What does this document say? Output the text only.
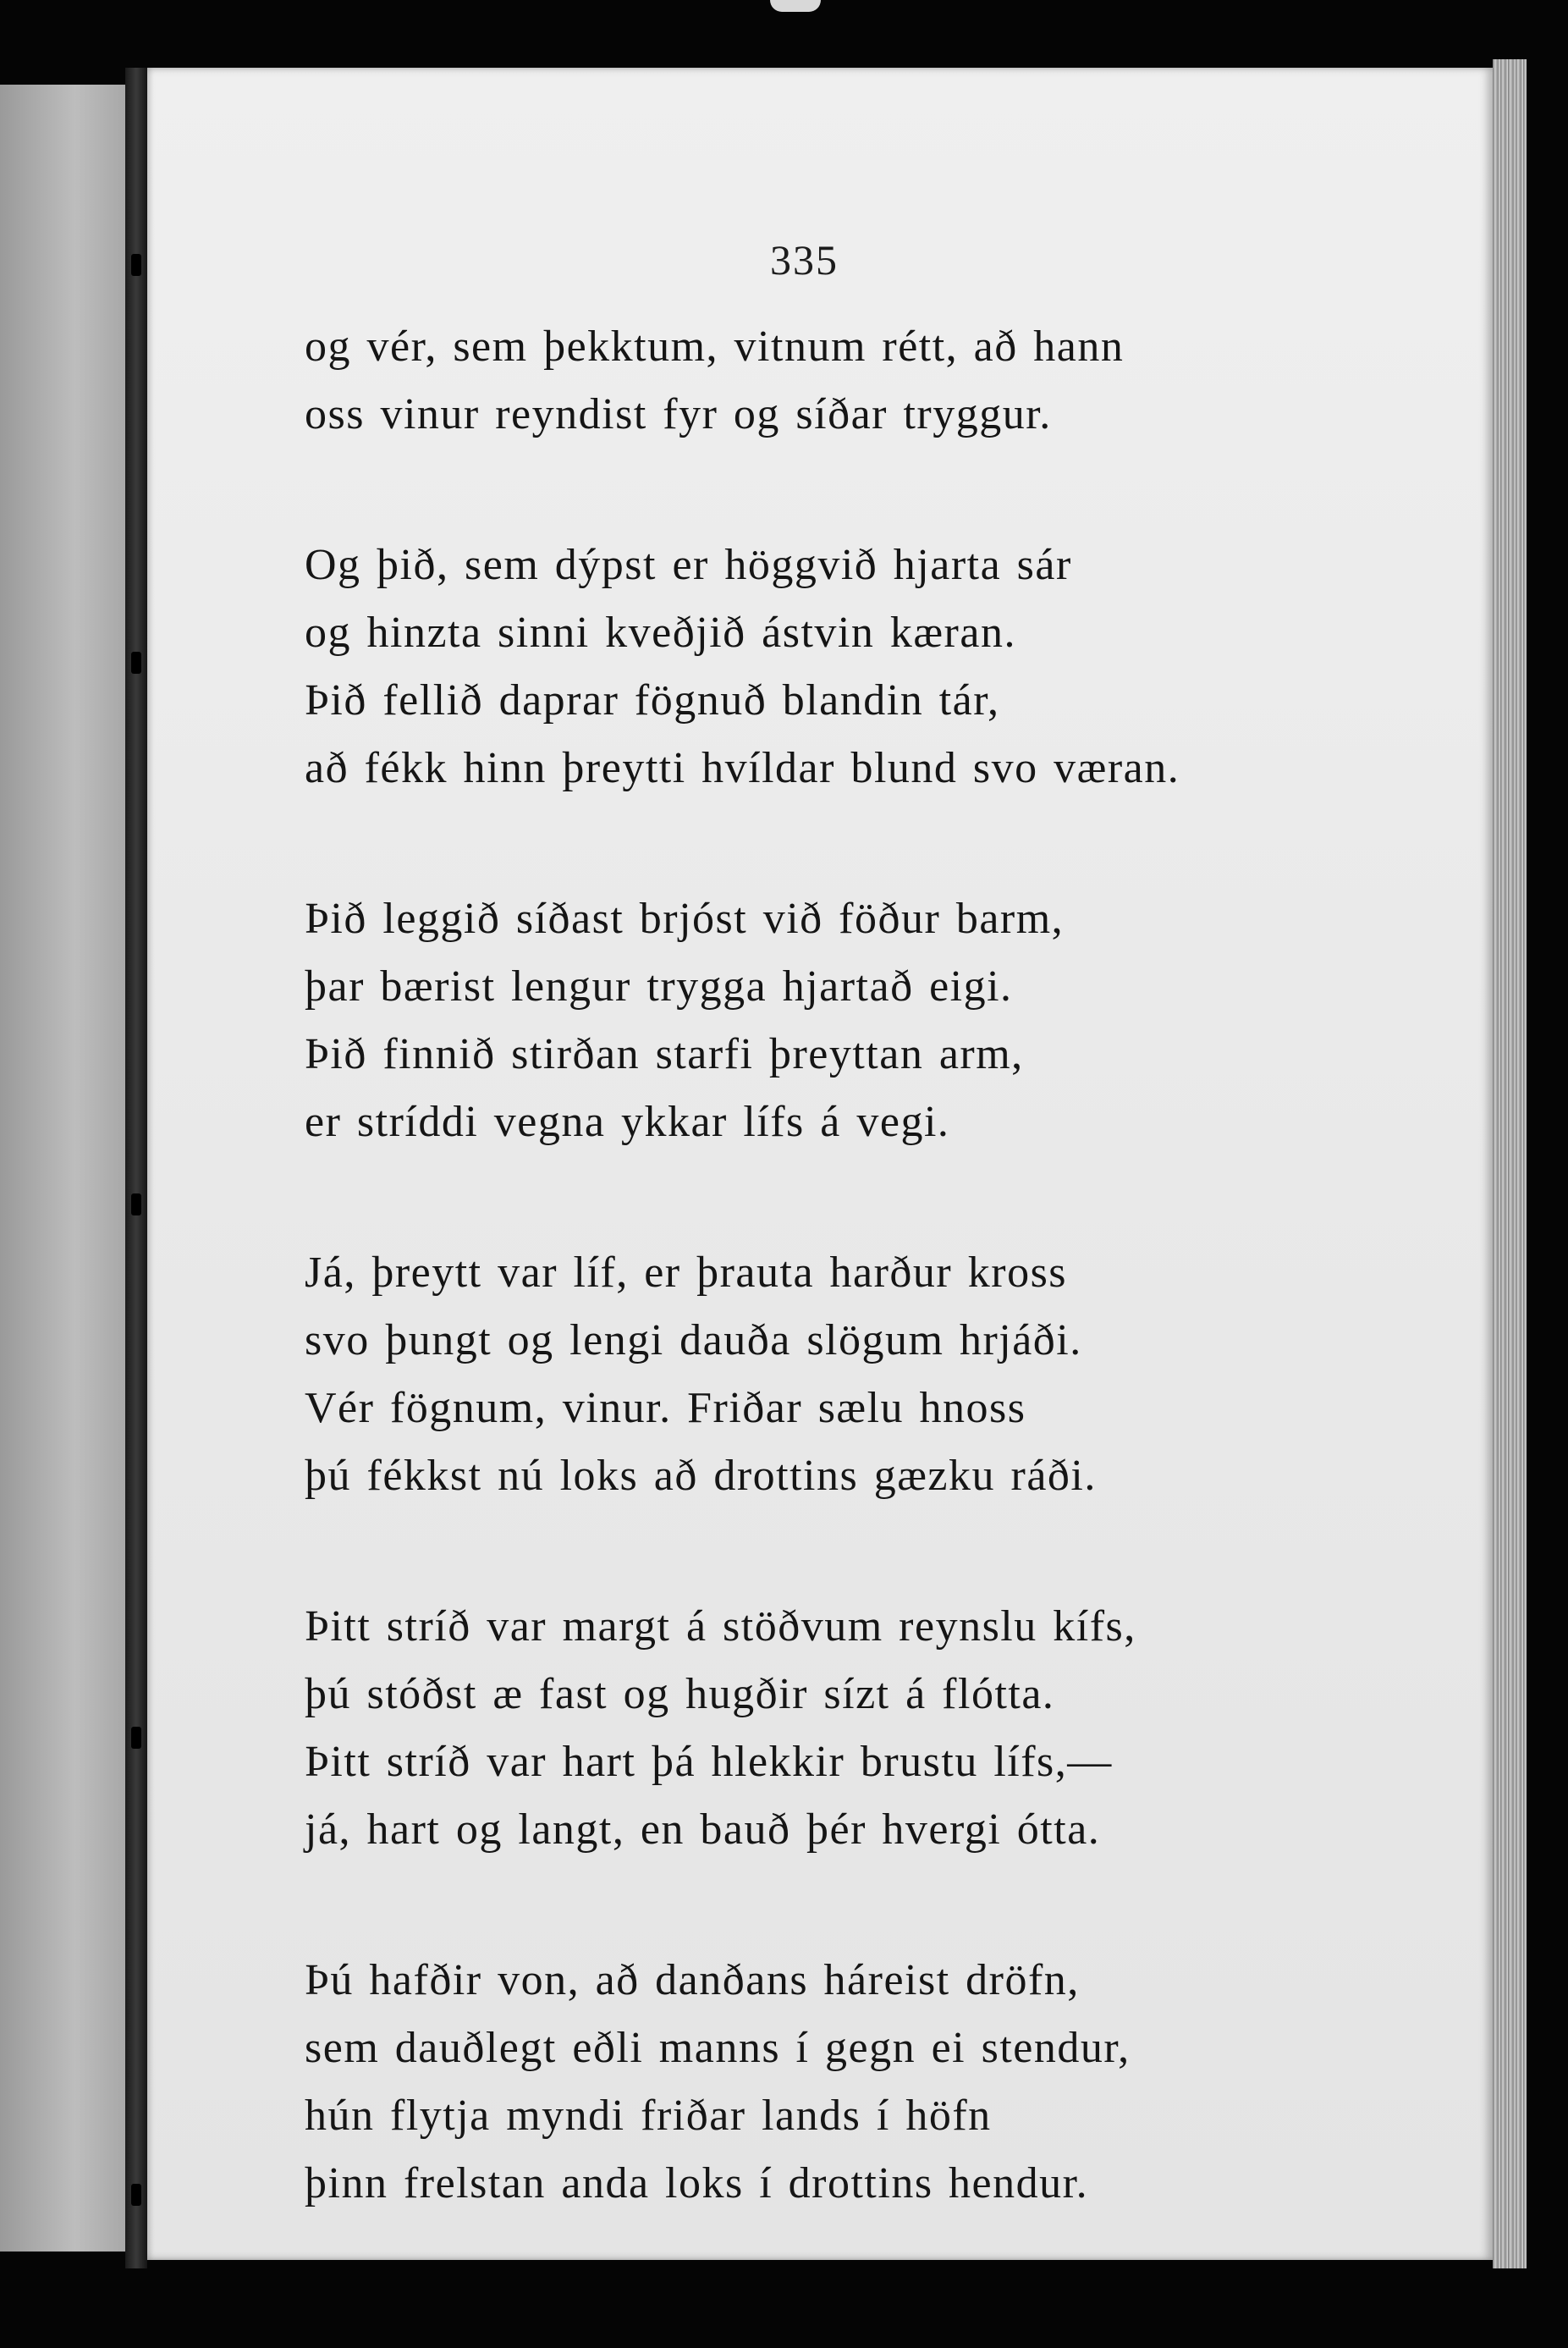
335
og vér, sem þekktum, vitnum rétt, að hann
oss vinur reyndist fyr og síðar tryggur.
Og þið, sem dýpst er höggvið hjarta sár
og hinzta sinni kveðjið ástvin kæran.
Þið fellið daprar fögnuð blandin tár,
að fékk hinn þreytti hvíldar blund svo væran.
Þið leggið síðast brjóst við föður barm,
þar bærist lengur trygga hjartað eigi.
Þið finnið stirðan starfi þreyttan arm,
er stríddi vegna ykkar lífs á vegi.
Já, þreytt var líf, er þrauta harður kross
svo þungt og lengi dauða slögum hrjáði.
Vér fögnum, vinur. Friðar sælu hnoss
þú fékkst nú loks að drottins gæzku ráði.
Þitt stríð var margt á stöðvum reynslu kífs,
þú stóðst æ fast og hugðir sízt á flótta.
Þitt stríð var hart þá hlekkir brustu lífs,—
já, hart og langt, en bauð þér hvergi ótta.
Þú hafðir von, að danðans háreist dröfn,
sem dauðlegt eðli manns í gegn ei stendur,
hún flytja myndi friðar lands í höfn
þinn frelstan anda loks í drottins hendur.
